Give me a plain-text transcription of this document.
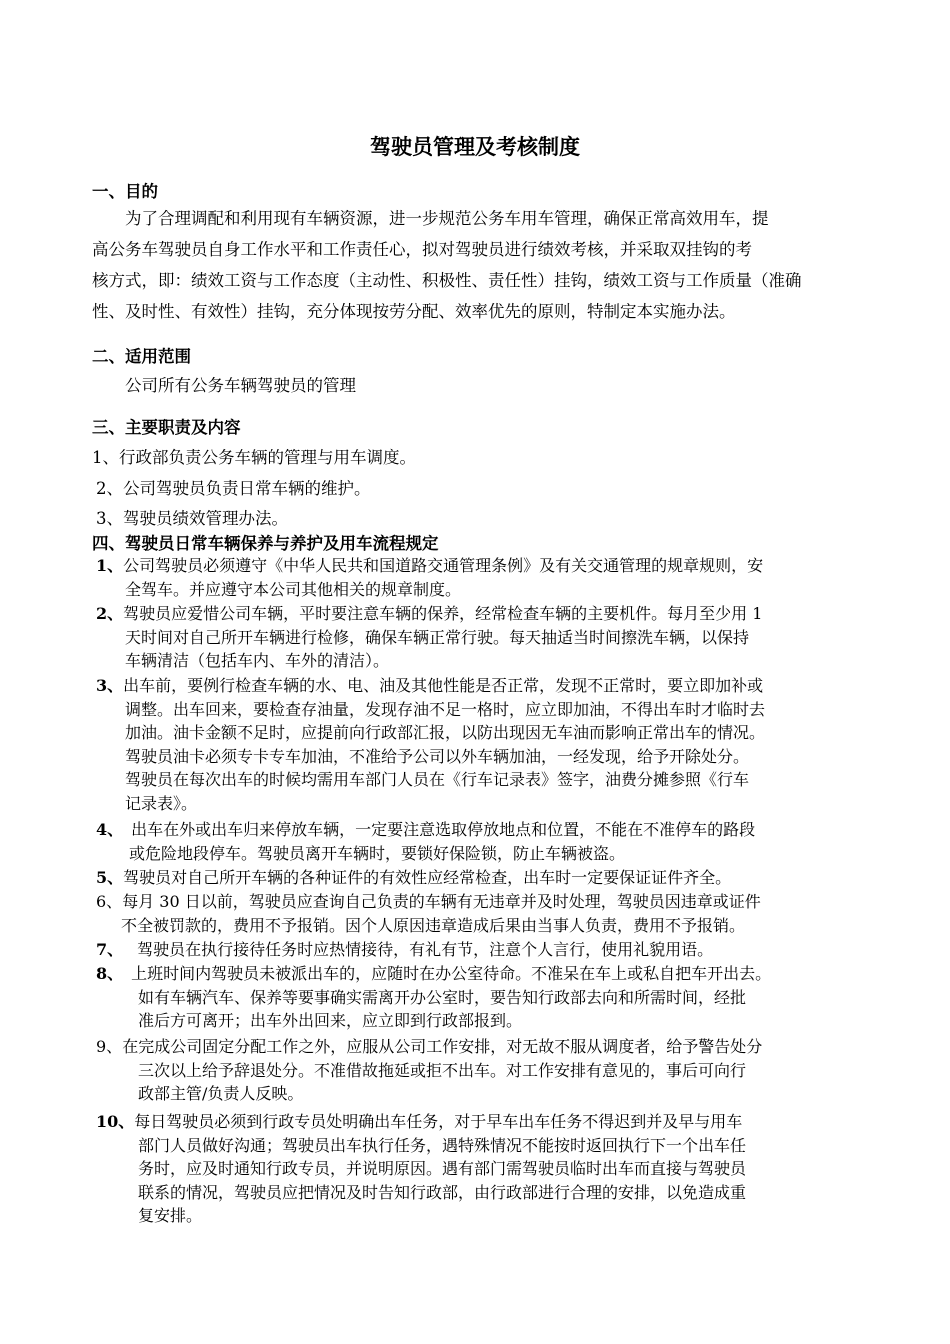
驾驶员管理及考核制度
一、目的

为了合理调配和利用现有车辆资源，进一步规范公务车用车管理，确保正常高效用车，提

高公务车驾驶员自身工作水平和工作责任心，拟对驾驶员进行绩效考核，并采取双挂钩的考

核方式，即：绩效工资与工作态度（主动性、积极性、责任性）挂钩，绩效工资与工作质量（准确

性、及时性、有效性）挂钩，充分体现按劳分配、效率优先的原则，特制定本实施办法。

二、适用范围
公司所有公务车辆驾驶员的管理
三、主要职责及内容
1、行政部负责公务车辆的管理与用车调度。
2、公司驾驶员负责日常车辆的维护。
3、驾驶员绩效管理办法。
四、驾驶员日常车辆保养与养护及用车流程规定

1、公司驾驶员必须遵守《中华人民共和国道路交通管理条例》及有关交通管理的规章规则，安

全驾车。并应遵守本公司其他相关的规章制度。

2、驾驶员应爱惜公司车辆，平时要注意车辆的保养，经常检查车辆的主要机件。每月至少用 1

天时间对自己所开车辆进行检修，确保车辆正常行驶。每天抽适当时间擦洗车辆，以保持

车辆清洁（包括车内、车外的清洁）。

3、出车前，要例行检查车辆的水、电、油及其他性能是否正常，发现不正常时，要立即加补或

调整。出车回来，要检查存油量，发现存油不足一格时，应立即加油，不得出车时才临时去

加油。油卡金额不足时，应提前向行政部汇报，以防出现因无车油而影响正常出车的情况。

驾驶员油卡必须专卡专车加油，不准给予公司以外车辆加油，一经发现，给予开除处分。

驾驶员在每次出车的时候均需用车部门人员在《行车记录表》签字，油费分摊参照《行车

记录表》。

4、 出车在外或出车归来停放车辆，一定要注意选取停放地点和位置，不能在不准停车的路段

或危险地段停车。驾驶员离开车辆时，要锁好保险锁，防止车辆被盗。

5、驾驶员对自己所开车辆的各种证件的有效性应经常检查，出车时一定要保证证件齐全。

6、每月 30 日以前，驾驶员应查询自己负责的车辆有无违章并及时处理，驾驶员因违章或证件

不全被罚款的，费用不予报销。因个人原因违章造成后果由当事人负责，费用不予报销。

7、 驾驶员在执行接待任务时应热情接待，有礼有节，注意个人言行，使用礼貌用语。

8、 上班时间内驾驶员未被派出车的，应随时在办公室待命。不准呆在车上或私自把车开出去。

如有车辆汽车、保养等要事确实需离开办公室时，要告知行政部去向和所需时间，经批

准后方可离开；出车外出回来，应立即到行政部报到。

9、在完成公司固定分配工作之外，应服从公司工作安排，对无故不服从调度者，给予警告处分

三次以上给予辞退处分。不准借故拖延或拒不出车。对工作安排有意见的，事后可向行

政部主管/负责人反映。

10、每日驾驶员必须到行政专员处明确出车任务，对于早车出车任务不得迟到并及早与用车

部门人员做好沟通；驾驶员出车执行任务，遇特殊情况不能按时返回执行下一个出车任

务时，应及时通知行政专员，并说明原因。遇有部门需驾驶员临时出车而直接与驾驶员

联系的情况，驾驶员应把情况及时告知行政部，由行政部进行合理的安排，以免造成重

复安排。
